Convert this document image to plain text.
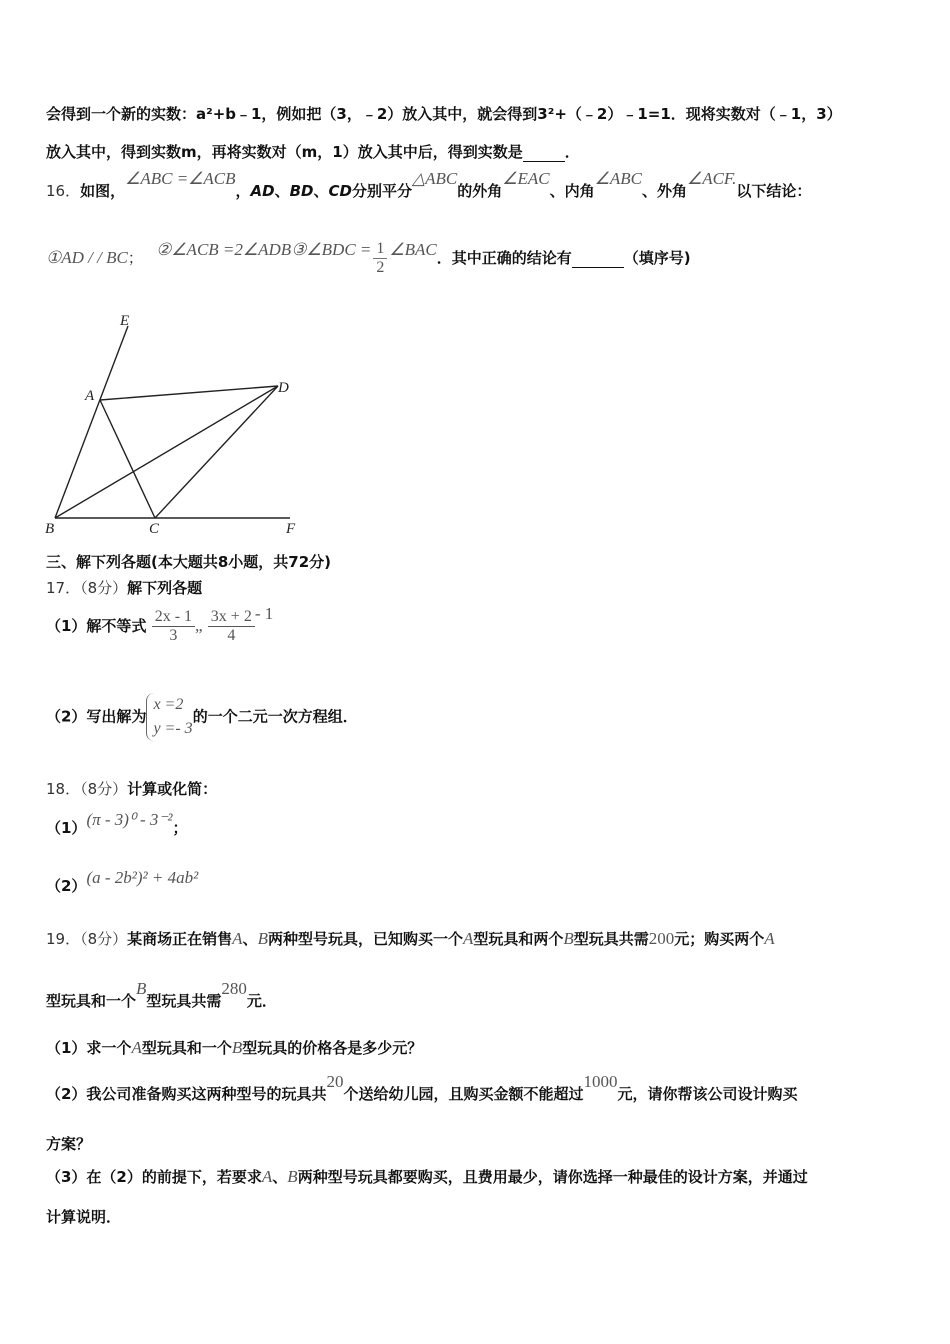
会得到一个新的实数：a²+b﹣1，例如把（3，﹣2）放入其中，就会得到3²+（﹣2）﹣1=1．现将实数对（﹣1，3）
放入其中，得到实数m，再将实数对（m，1）放入其中后，得到实数是	．
16．如图，∠ABC =∠ACB，AD、BD、CD分别平分△ABC的外角∠EAC、内角∠ABC、外角∠ACF.以下结论：
①AD / / BC； ②∠ACB =2∠ADB③∠BDC = $\frac{1}{2}$ ∠BAC．其中正确的结论有	（填序号)
E
A	D
B	C	F
三、解下列各题(本大题共8小题，共72分)
17．（8分）解下列各题
（1）解不等式 $\frac{2x - 1}{3}$ „ $\frac{3x + 2}{4} - 1$
（2）写出解为
x =2
y =- 3
的一个二元一次方程组．
18．（8分）计算或化简：
（1）(π - 3)⁰ - 3⁻²；
（2）(a - 2b²)² + 4ab²
19．（8分）某商场正在销售A、B两种型号玩具，已知购买一个A型玩具和两个B型玩具共需200元；购买两个A
型玩具和一个B型玩具共需280元．
（1）求一个A型玩具和一个B型玩具的价格各是多少元？
（2）我公司准备购买这两种型号的玩具共20个送给幼儿园，且购买金额不能超过1000元，请你帮该公司设计购买
方案？
（3）在（2）的前提下，若要求A、B两种型号玩具都要购买，且费用最少，请你选择一种最佳的设计方案，并通过
计算说明．
